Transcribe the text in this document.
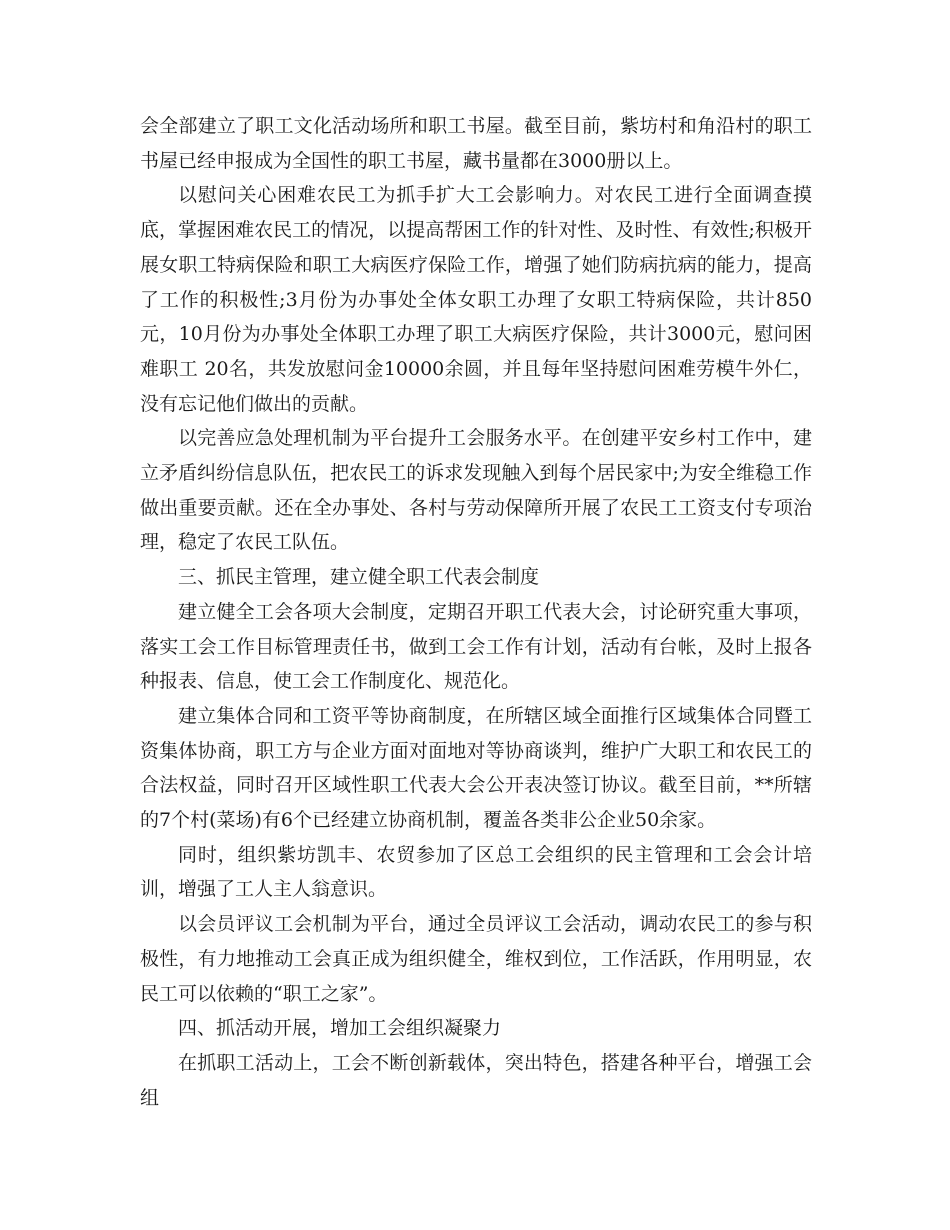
会全部建立了职工文化活动场所和职工书屋。截至目前，紫坊村和角沿村的职工书屋已经申报成为全国性的职工书屋，藏书量都在3000册以上。

以慰问关心困难农民工为抓手扩大工会影响力。对农民工进行全面调查摸底，掌握困难农民工的情况，以提高帮困工作的针对性、及时性、有效性;积极开展女职工特病保险和职工大病医疗保险工作，增强了她们防病抗病的能力，提高了工作的积极性;3月份为办事处全体女职工办理了女职工特病保险，共计850元，10月份为办事处全体职工办理了职工大病医疗保险，共计3000元，慰问困难职工 20名，共发放慰问金10000余圆，并且每年坚持慰问困难劳模牛外仁，没有忘记他们做出的贡献。

以完善应急处理机制为平台提升工会服务水平。在创建平安乡村工作中，建立矛盾纠纷信息队伍，把农民工的诉求发现触入到每个居民家中;为安全维稳工作做出重要贡献。还在全办事处、各村与劳动保障所开展了农民工工资支付专项治理，稳定了农民工队伍。

三、抓民主管理，建立健全职工代表会制度

建立健全工会各项大会制度，定期召开职工代表大会，讨论研究重大事项，落实工会工作目标管理责任书，做到工会工作有计划，活动有台帐，及时上报各种报表、信息，使工会工作制度化、规范化。

建立集体合同和工资平等协商制度，在所辖区域全面推行区域集体合同暨工资集体协商，职工方与企业方面对面地对等协商谈判，维护广大职工和农民工的合法权益，同时召开区域性职工代表大会公开表决签订协议。截至目前，**所辖的7个村(菜场)有6个已经建立协商机制，覆盖各类非公企业50余家。

同时，组织紫坊凯丰、农贸参加了区总工会组织的民主管理和工会会计培训，增强了工人主人翁意识。

以会员评议工会机制为平台，通过全员评议工会活动，调动农民工的参与积极性，有力地推动工会真正成为组织健全，维权到位，工作活跃，作用明显，农民工可以依赖的“职工之家”。

四、抓活动开展，增加工会组织凝聚力

在抓职工活动上，工会不断创新载体，突出特色，搭建各种平台，增强工会组
